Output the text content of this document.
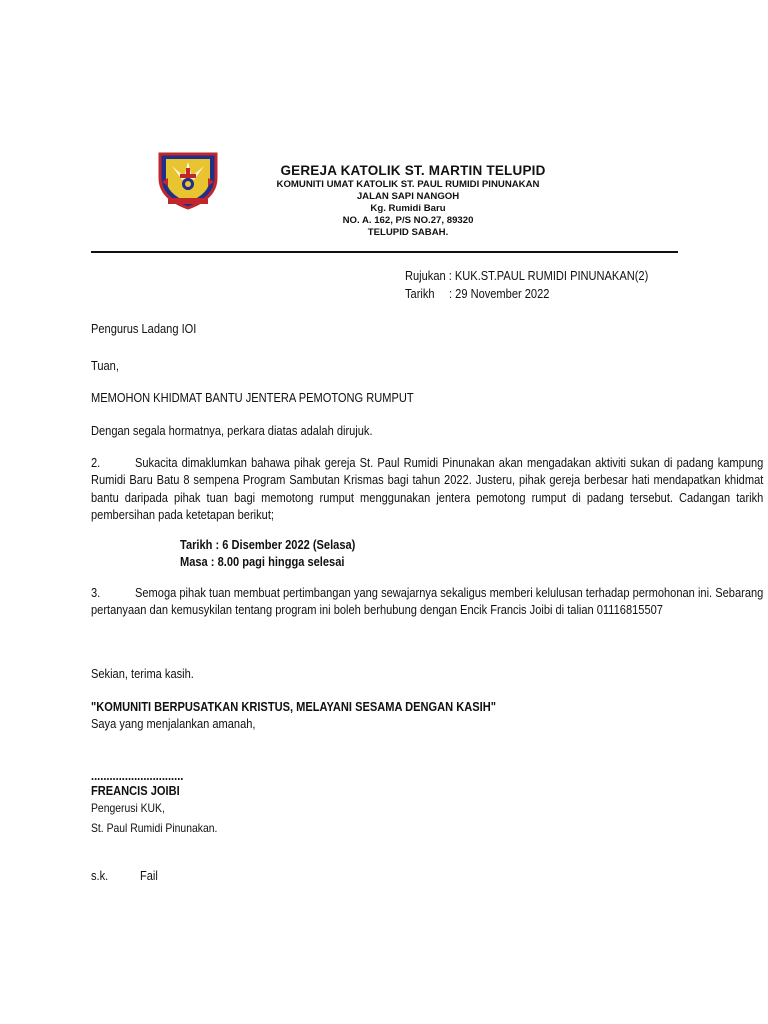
GEREJA KATOLIK ST. MARTIN TELUPID
KOMUNITI UMAT KATOLIK ST. PAUL RUMIDI PINUNAKAN
JALAN SAPI NANGOH
Kg. Rumidi Baru
NO. A. 162, P/S NO.27, 89320
TELUPID SABAH.
Rujukan : KUK.ST.PAUL RUMIDI PINUNAKAN(2)
Tarikh : 29 November 2022
Pengurus Ladang IOI
Tuan,
MEMOHON KHIDMAT BANTU JENTERA PEMOTONG RUMPUT
Dengan segala hormatnya, perkara diatas adalah dirujuk.
2.	Sukacita dimaklumkan bahawa pihak gereja St. Paul Rumidi Pinunakan akan mengadakan aktiviti sukan di padang kampung Rumidi Baru Batu 8 sempena Program Sambutan Krismas bagi tahun 2022. Justeru, pihak gereja berbesar hati mendapatkan khidmat bantu daripada pihak tuan bagi memotong rumput menggunakan jentera pemotong rumput di padang tersebut. Cadangan tarikh pembersihan pada ketetapan berikut;
Tarikh : 6 Disember 2022 (Selasa)
Masa : 8.00 pagi hingga selesai
3.	Semoga pihak tuan membuat pertimbangan yang sewajarnya sekaligus memberi kelulusan terhadap permohonan ini. Sebarang pertanyaan dan kemusykilan tentang program ini boleh berhubung dengan Encik Francis Joibi di talian 01116815507
Sekian, terima kasih.
"KOMUNITI BERPUSATKAN KRISTUS, MELAYANI SESAMA DENGAN KASIH"
Saya yang menjalankan amanah,
..............................
FREANCIS JOIBI
Pengerusi KUK,
St. Paul Rumidi Pinunakan.
s.k.	Fail
